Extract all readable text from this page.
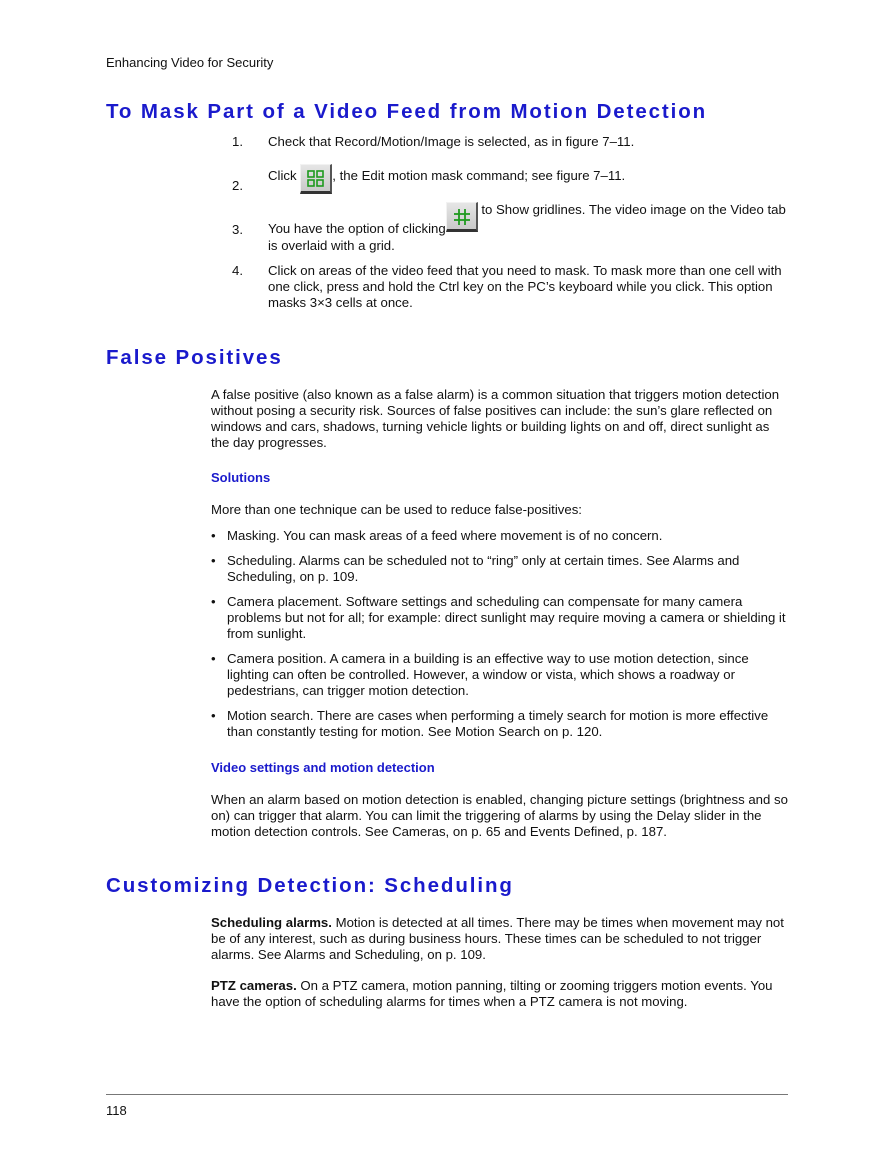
Enhancing Video for Security
To Mask Part of a Video Feed from Motion Detection
1. Check that Record/Motion/Image is selected, as in figure 7–11.
2.
Click
, the Edit motion mask command; see figure 7–11.
3. You have the option of clicking
to Show gridlines. The video image on the Video tab is overlaid with a grid.
4. Click on areas of the video feed that you need to mask. To mask more than one cell with one click, press and hold the Ctrl key on the PC’s keyboard while you click. This option masks 3×3 cells at once.
False Positives

A false positive (also known as a false alarm) is a common situation that triggers motion detection without posing a security risk. Sources of false positives can include: the sun’s glare reflected on windows and cars, shadows, turning vehicle lights or building lights on and off, direct sunlight as the day progresses.

Solutions

More than one technique can be used to reduce false-positives:

• Masking. You can mask areas of a feed where movement is of no concern.
• Scheduling. Alarms can be scheduled not to “ring” only at certain times. See Alarms and Scheduling, on p. 109.
• Camera placement. Software settings and scheduling can compensate for many camera problems but not for all; for example: direct sunlight may require moving a camera or shielding it from sunlight.
• Camera position. A camera in a building is an effective way to use motion detection, since lighting can often be controlled. However, a window or vista, which shows a roadway or pedestrians, can trigger motion detection.
• Motion search. There are cases when performing a timely search for motion is more effective than constantly testing for motion. See Motion Search on p. 120.
Video settings and motion detection

When an alarm based on motion detection is enabled, changing picture settings (brightness and so on) can trigger that alarm. You can limit the triggering of alarms by using the Delay slider in the motion detection controls. See Cameras, on p. 65 and Events Defined, p. 187.

Customizing Detection: Scheduling

Scheduling alarms. Motion is detected at all times. There may be times when movement may not be of any interest, such as during business hours. These times can be scheduled to not trigger alarms. See Alarms and Scheduling, on p. 109.

PTZ cameras. On a PTZ camera, motion panning, tilting or zooming triggers motion events. You have the option of scheduling alarms for times when a PTZ camera is not moving.

118
